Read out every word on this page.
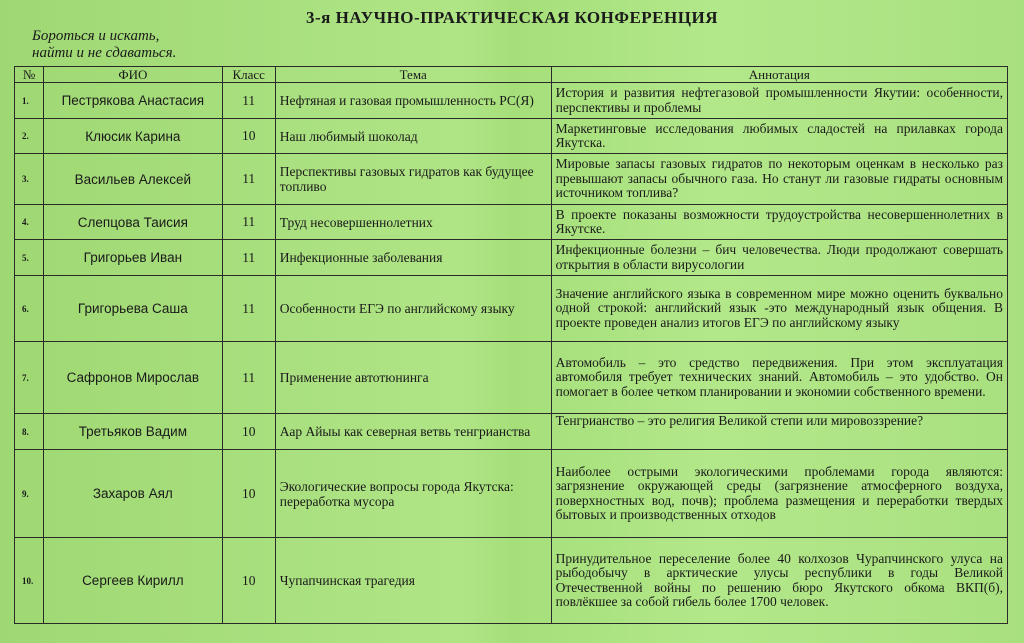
3-я НАУЧНО-ПРАКТИЧЕСКАЯ КОНФЕРЕНЦИЯ
Бороться и искать,
найти и не сдаваться.
№	ФИО	Класс	Тема	Аннотация
1.	Пестрякова Анастасия	11	Нефтяная и газовая промышленность РС(Я)	История и развития нефтегазовой промышленности Якутии: особенности, перспективы и проблемы
2.	Клюсик Карина	10	Наш любимый шоколад	Маркетинговые исследования любимых сладостей на прилавках города Якутска.
3.	Васильев Алексей	11	Перспективы газовых гидратов как будущее топливо	Мировые запасы газовых гидратов по некоторым оценкам в несколько раз превышают запасы обычного газа. Но станут ли газовые гидраты основным источником топлива?
4.	Слепцова Таисия	11	Труд несовершеннолетних	В проекте показаны возможности трудоустройства несовершеннолетних в Якутске.
5.	Григорьев Иван	11	Инфекционные заболевания	Инфекционные болезни – бич человечества. Люди продолжают совершать открытия в области вирусологии
6.	Григорьева Саша	11	Особенности ЕГЭ по английскому языку	Значение английского языка в современном мире можно оценить буквально одной строкой: английский язык -это международный язык общения. В проекте проведен анализ итогов ЕГЭ по английскому языку
7.	Сафронов Мирослав	11	Применение автотюнинга	Автомобиль – это средство передвижения. При этом эксплуатация автомобиля требует технических знаний. Автомобиль – это удобство. Он помогает в более четком планировании и экономии собственного времени.
8.	Третьяков Вадим	10	Аар Айыы как северная ветвь тенгрианства	Тенгрианство – это религия Великой степи или мировоззрение?
9.	Захаров Аял	10	Экологические вопросы города Якутска: переработка мусора	Наиболее острыми экологическими проблемами города являются: загрязнение окружающей среды (загрязнение атмосферного воздуха, поверхностных вод, почв); проблема размещения и переработки твердых бытовых и производственных отходов
10.	Сергеев Кирилл	10	Чупапчинская трагедия	Принудительное переселение более 40 колхозов Чурапчинского улуса на рыбодобычу в арктические улусы республики в годы Великой Отечественной войны по решению бюро Якутского обкома ВКП(б), повлёкшее за собой гибель более 1700 человек.
